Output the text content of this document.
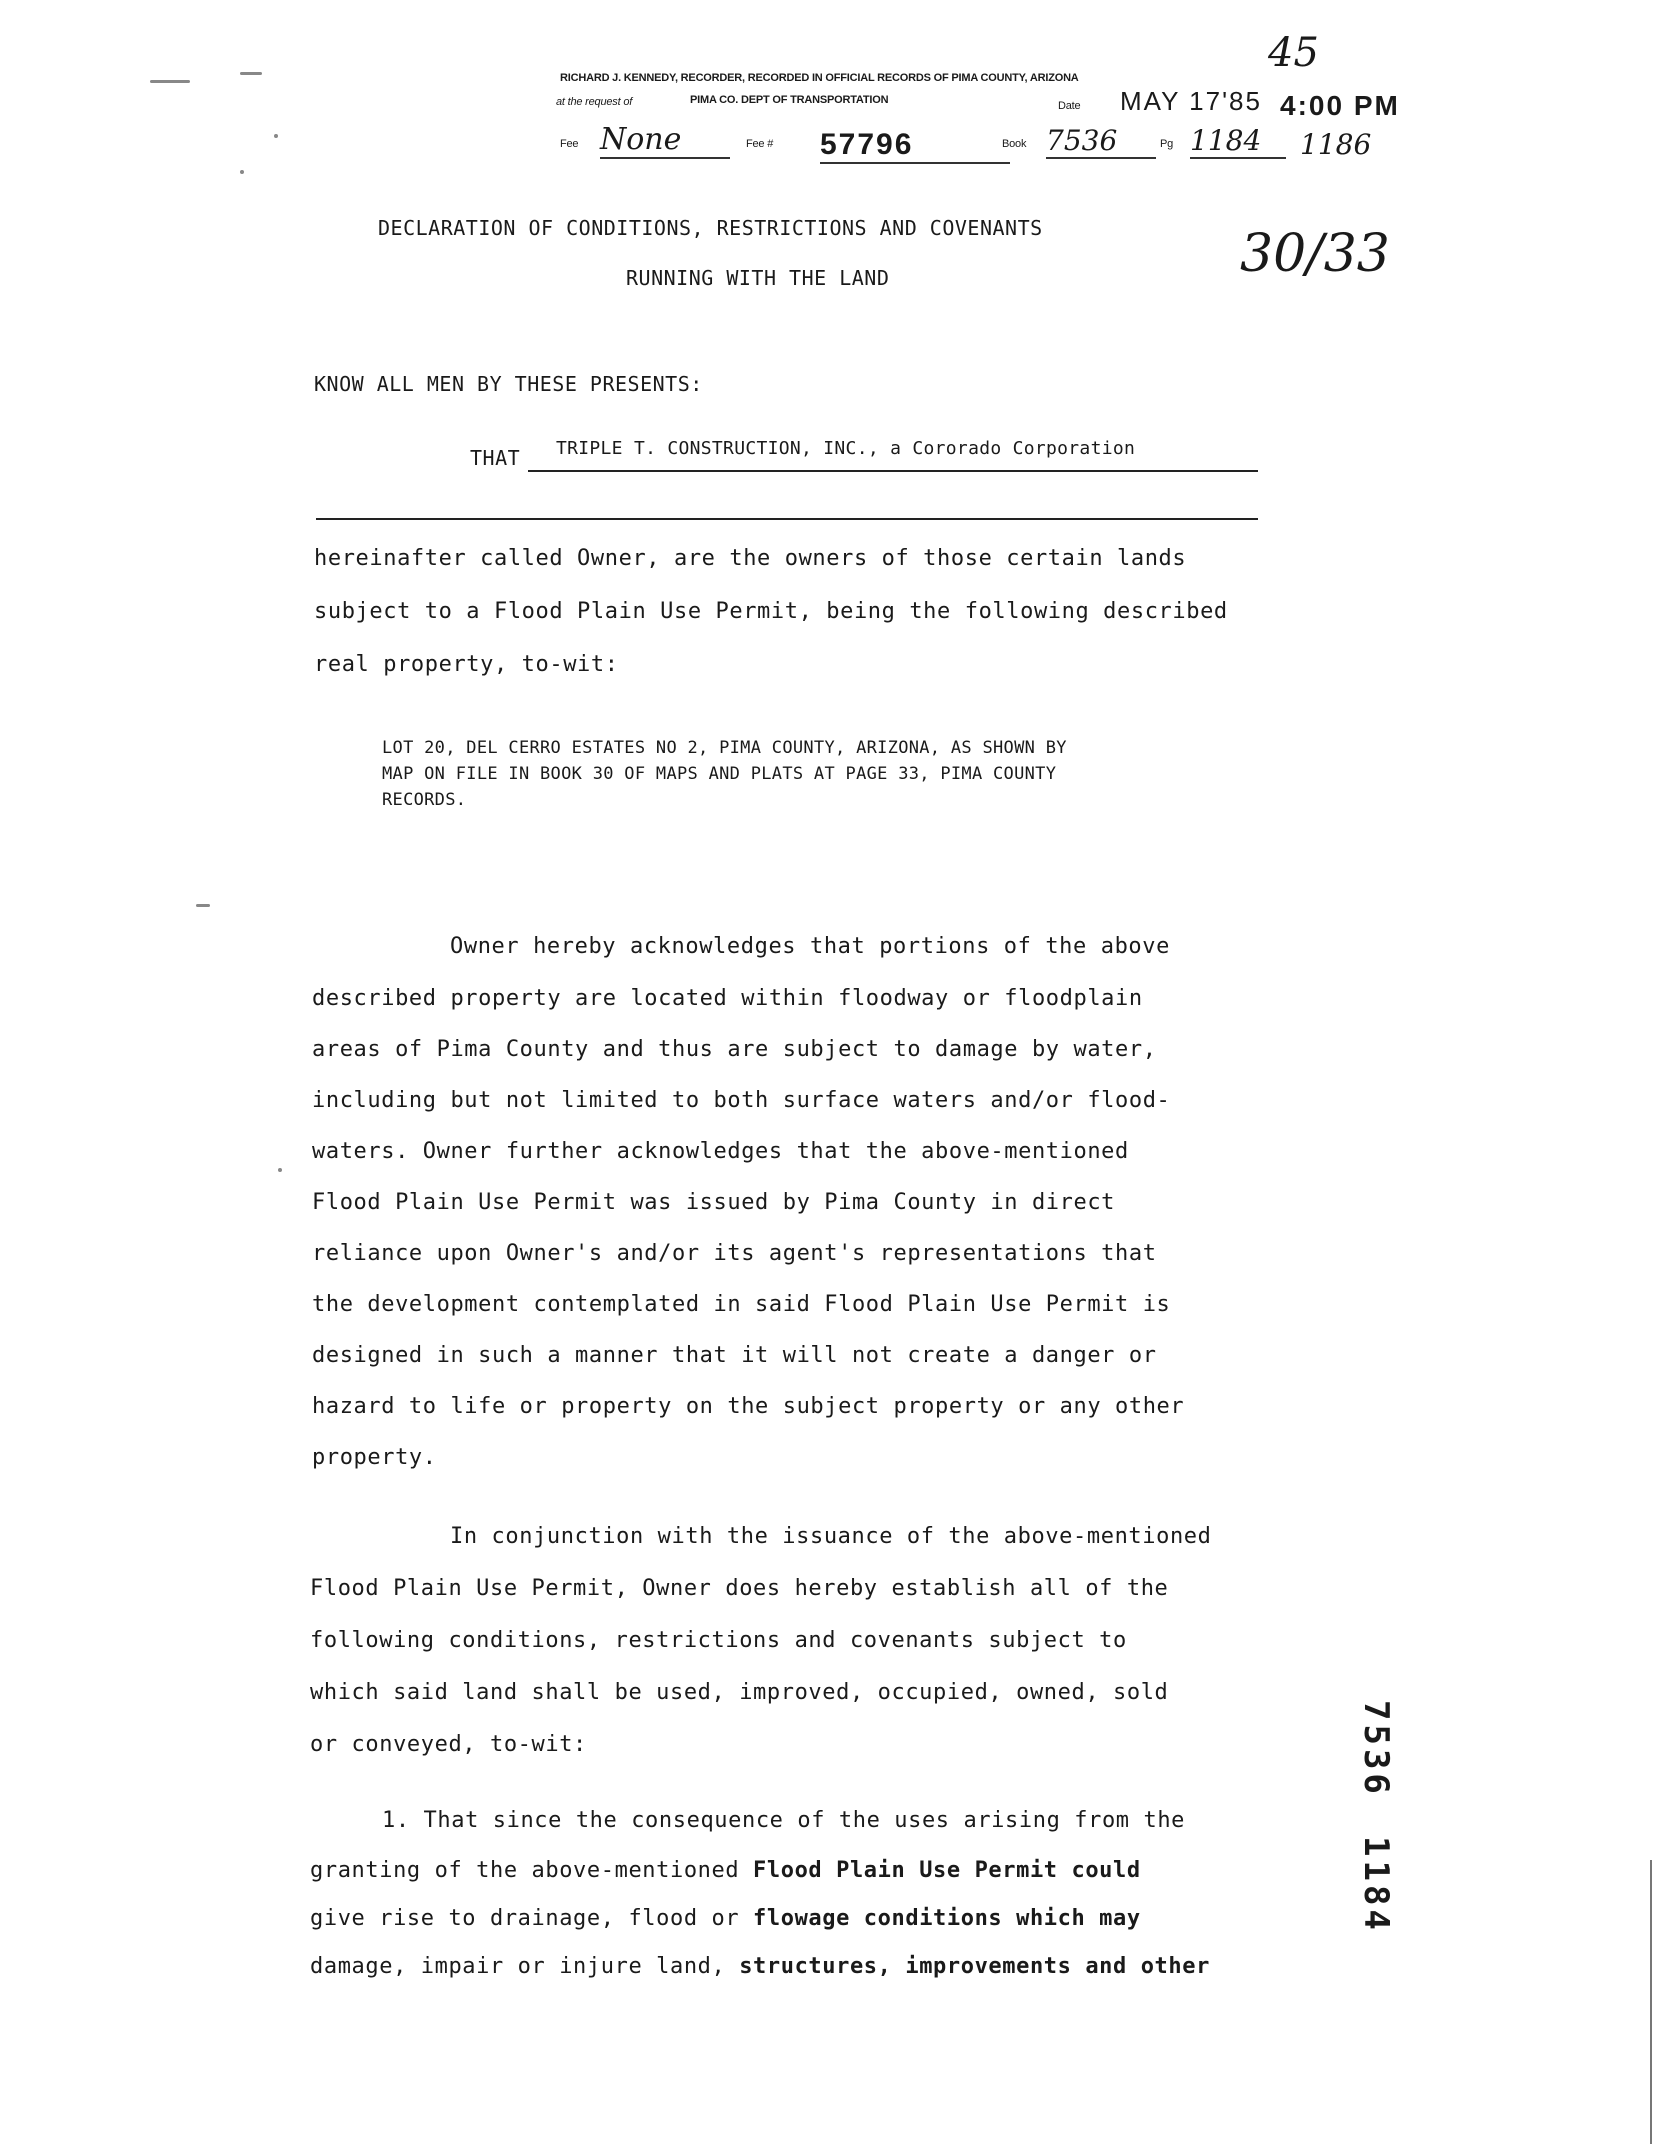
RICHARD J. KENNEDY, RECORDER, RECORDED IN OFFICIAL RECORDS OF PIMA COUNTY, ARIZONA
at the request of	PIMA CO. DEPT OF TRANSPORTATION	Date MAY 17'85 4:00 PM
Fee None	Fee # 57796	Book 7536	Pg 1184	1186
45
30/33
DECLARATION OF CONDITIONS, RESTRICTIONS AND COVENANTS
RUNNING WITH THE LAND
KNOW ALL MEN BY THESE PRESENTS:
THAT TRIPLE T. CONSTRUCTION, INC., a Cororado Corporation
hereinafter called Owner, are the owners of those certain lands
subject to a Flood Plain Use Permit, being the following described
real property, to-wit:
LOT 20, DEL CERRO ESTATES NO 2, PIMA COUNTY, ARIZONA, AS SHOWN BY
MAP ON FILE IN BOOK 30 OF MAPS AND PLATS AT PAGE 33, PIMA COUNTY
RECORDS.
Owner hereby acknowledges that portions of the above
described property are located within floodway or floodplain
areas of Pima County and thus are subject to damage by water,
including but not limited to both surface waters and/or flood-
waters. Owner further acknowledges that the above-mentioned
Flood Plain Use Permit was issued by Pima County in direct
reliance upon Owner's and/or its agent's representations that
the development contemplated in said Flood Plain Use Permit is
designed in such a manner that it will not create a danger or
hazard to life or property on the subject property or any other
property.
In conjunction with the issuance of the above-mentioned
Flood Plain Use Permit, Owner does hereby establish all of the
following conditions, restrictions and covenants subject to
which said land shall be used, improved, occupied, owned, sold
or conveyed, to-wit:
1. That since the consequence of the uses arising from the
granting of the above-mentioned Flood Plain Use Permit could
give rise to drainage, flood or flowage conditions which may
damage, impair or injure land, structures, improvements and other
7536
1184
